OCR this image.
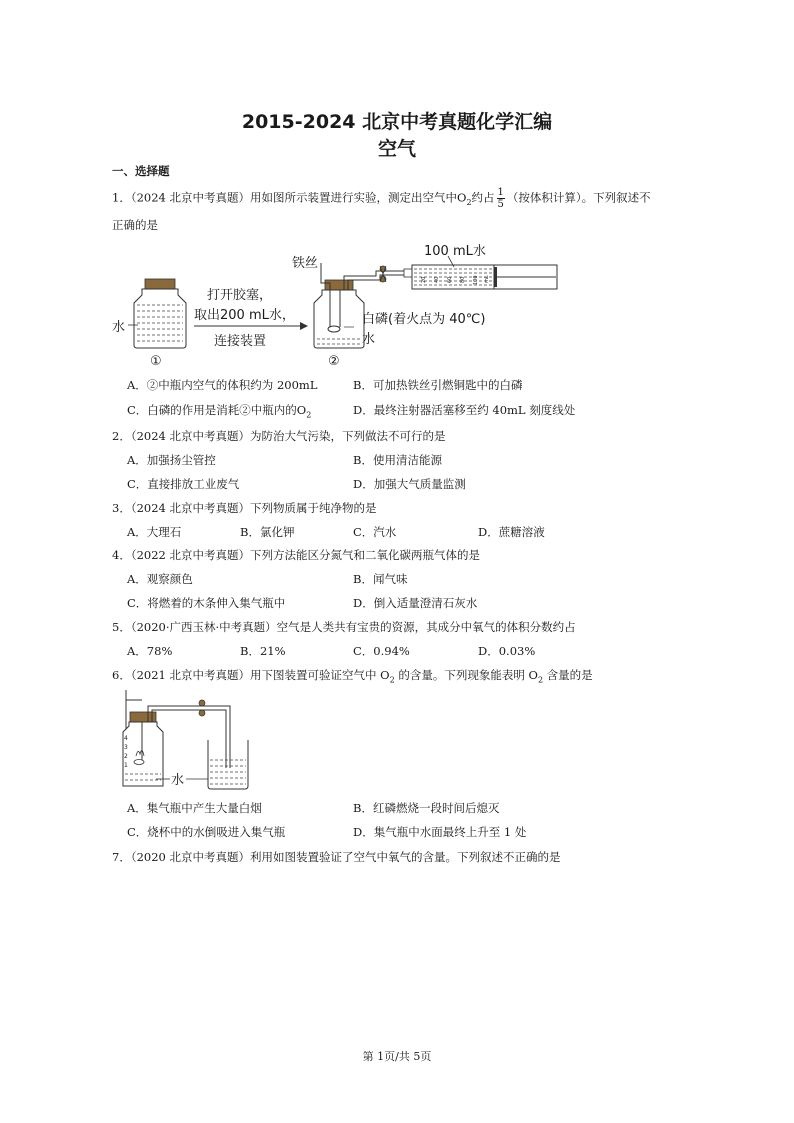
2015-2024 北京中考真题化学汇编
空气
一、选择题
1．（2024 北京中考真题）用如图所示装置进行实验，测定出空气中$O_2$约占 $\frac{1}{5}$ （按体积计算）。下列叙述不
正确的是
水
①
打开胶塞，
取出200 mL水，
连接装置
铁丝
白磷(着火点为 40℃)
水
②
100 mL水
20 40 60 80 100 mL
A．②中瓶内空气的体积约为 200mL	B．可加热铁丝引燃铜匙中的白磷
C．白磷的作用是消耗②中瓶内的$O_2$	D．最终注射器活塞移至约 40mL 刻度线处
2．（2024 北京中考真题）为防治大气污染，下列做法不可行的是
A．加强扬尘管控	B．使用清洁能源
C．直接排放工业废气	D．加强大气质量监测
3．（2024 北京中考真题）下列物质属于纯净物的是
A．大理石	B．氯化钾	C．汽水	D．蔗糖溶液
4．（2022 北京中考真题）下列方法能区分氮气和二氧化碳两瓶气体的是
A．观察颜色	B．闻气味
C．将燃着的木条伸入集气瓶中	D．倒入适量澄清石灰水
5．（2020·广西玉林·中考真题）空气是人类共有宝贵的资源，其成分中氧气的体积分数约占
A．78%	B．21%	C．0.94%	D．0.03%
6．（2021 北京中考真题）用下图装置可验证空气中 $O_2$ 的含量。下列现象能表明 $O_2$ 含量的是
4
3
2
1
水
A．集气瓶中产生大量白烟	B．红磷燃烧一段时间后熄灭
C．烧杯中的水倒吸进入集气瓶	D．集气瓶中水面最终上升至 1 处
7．（2020 北京中考真题）利用如图装置验证了空气中氧气的含量。下列叙述不正确的是
第 1页/共 5页
